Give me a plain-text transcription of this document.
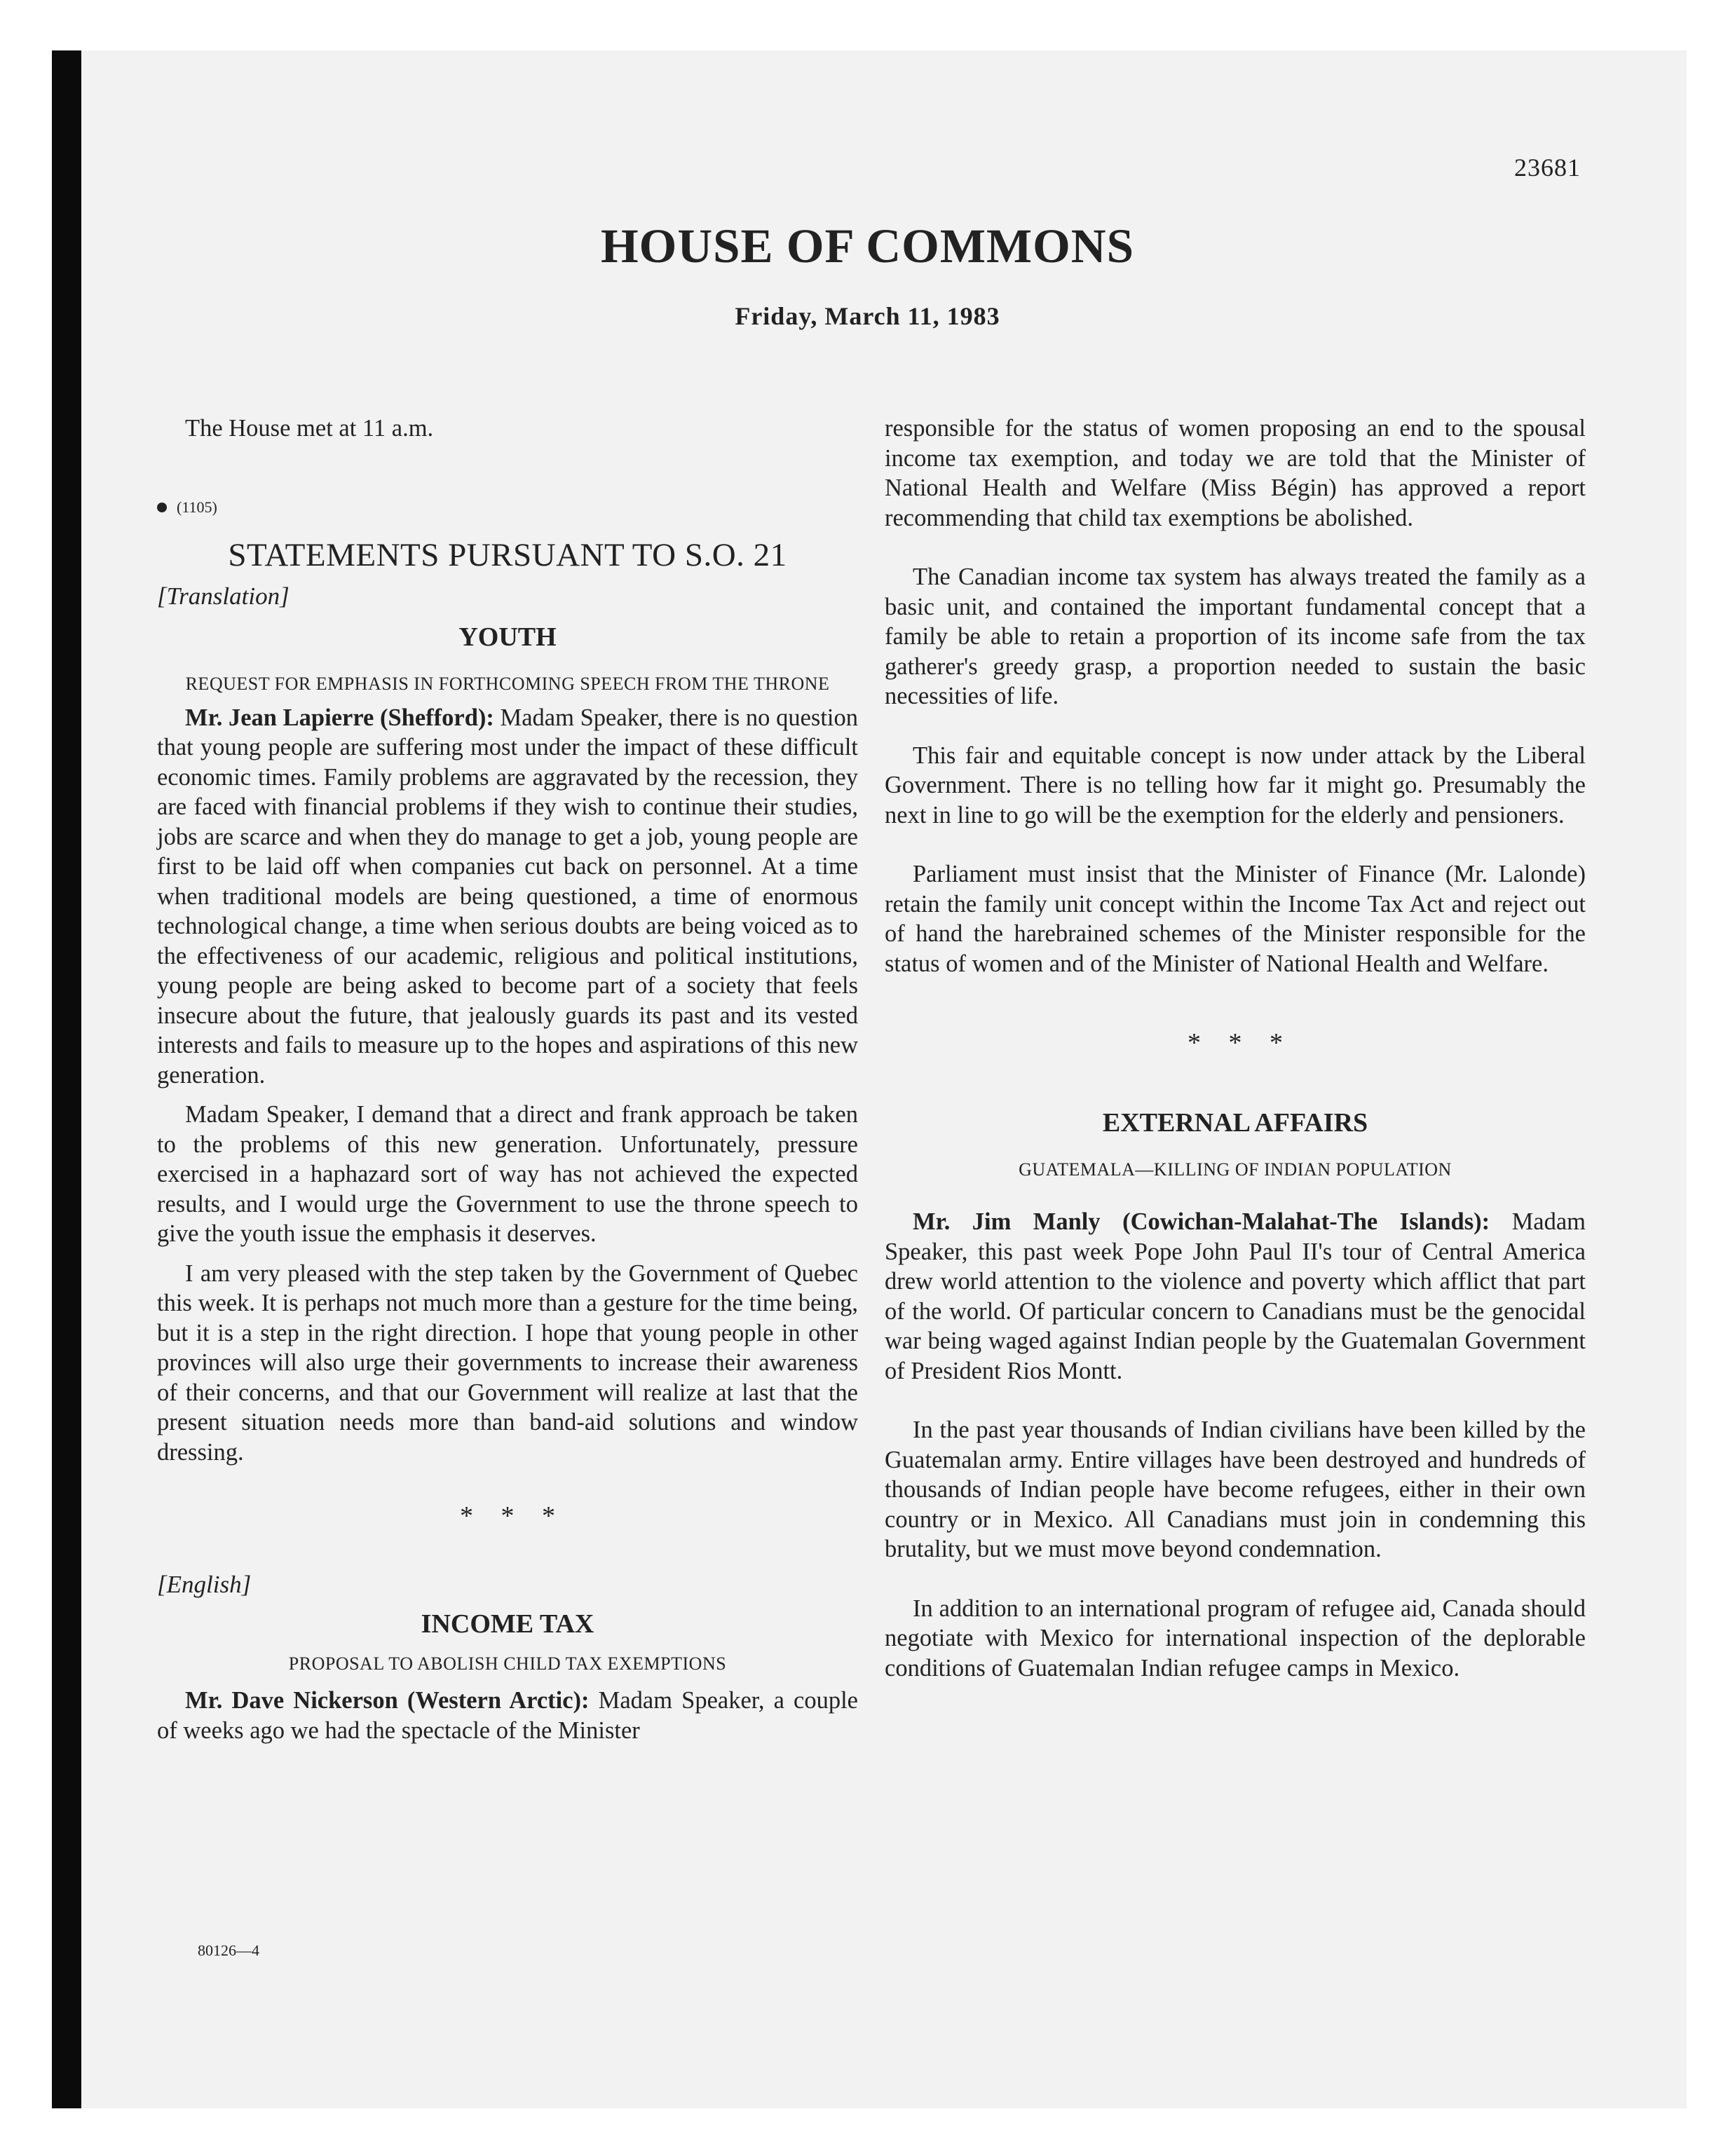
23681
HOUSE OF COMMONS
Friday, March 11, 1983

The House met at 11 a.m.

(1105)
STATEMENTS PURSUANT TO S.O. 21
[Translation]
YOUTH
REQUEST FOR EMPHASIS IN FORTHCOMING SPEECH FROM THE THRONE

Mr. Jean Lapierre (Shefford): Madam Speaker, there is no question that young people are suffering most under the impact of these difficult economic times. Family problems are aggravated by the recession, they are faced with financial problems if they wish to continue their studies, jobs are scarce and when they do manage to get a job, young people are first to be laid off when companies cut back on personnel. At a time when traditional models are being questioned, a time of enormous technological change, a time when serious doubts are being voiced as to the effectiveness of our academic, religious and political institutions, young people are being asked to become part of a society that feels insecure about the future, that jealously guards its past and its vested interests and fails to measure up to the hopes and aspirations of this new generation.

Madam Speaker, I demand that a direct and frank approach be taken to the problems of this new generation. Unfortunately, pressure exercised in a haphazard sort of way has not achieved the expected results, and I would urge the Government to use the throne speech to give the youth issue the emphasis it deserves.

I am very pleased with the step taken by the Government of Quebec this week. It is perhaps not much more than a gesture for the time being, but it is a step in the right direction. I hope that young people in other provinces will also urge their governments to increase their awareness of their concerns, and that our Government will realize at last that the present situation needs more than band-aid solutions and window dressing.

* * *
[English]
INCOME TAX
PROPOSAL TO ABOLISH CHILD TAX EXEMPTIONS

Mr. Dave Nickerson (Western Arctic): Madam Speaker, a couple of weeks ago we had the spectacle of the Minister

responsible for the status of women proposing an end to the spousal income tax exemption, and today we are told that the Minister of National Health and Welfare (Miss Bégin) has approved a report recommending that child tax exemptions be abolished.

The Canadian income tax system has always treated the family as a basic unit, and contained the important fundamental concept that a family be able to retain a proportion of its income safe from the tax gatherer's greedy grasp, a proportion needed to sustain the basic necessities of life.

This fair and equitable concept is now under attack by the Liberal Government. There is no telling how far it might go. Presumably the next in line to go will be the exemption for the elderly and pensioners.

Parliament must insist that the Minister of Finance (Mr. Lalonde) retain the family unit concept within the Income Tax Act and reject out of hand the harebrained schemes of the Minister responsible for the status of women and of the Minister of National Health and Welfare.

* * *
EXTERNAL AFFAIRS
GUATEMALA—KILLING OF INDIAN POPULATION

Mr. Jim Manly (Cowichan-Malahat-The Islands): Madam Speaker, this past week Pope John Paul II's tour of Central America drew world attention to the violence and poverty which afflict that part of the world. Of particular concern to Canadians must be the genocidal war being waged against Indian people by the Guatemalan Government of President Rios Montt.

In the past year thousands of Indian civilians have been killed by the Guatemalan army. Entire villages have been destroyed and hundreds of thousands of Indian people have become refugees, either in their own country or in Mexico. All Canadians must join in condemning this brutality, but we must move beyond condemnation.

In addition to an international program of refugee aid, Canada should negotiate with Mexico for international inspection of the deplorable conditions of Guatemalan Indian refugee camps in Mexico.

80126—4
